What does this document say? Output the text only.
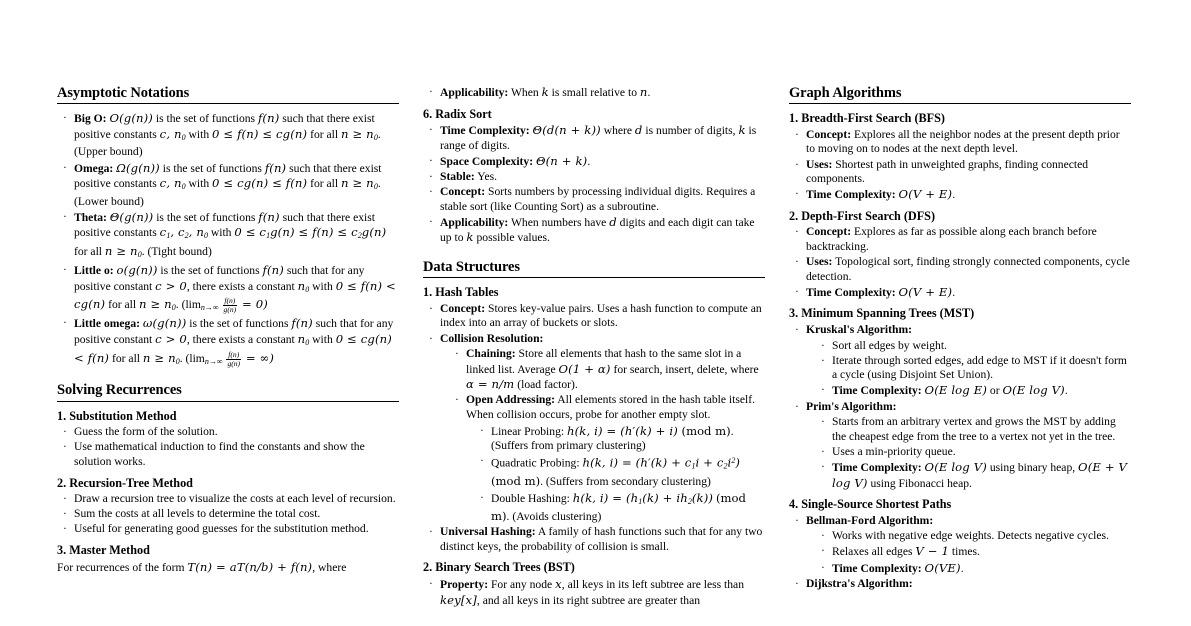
Asymptotic Notations
· Big O: O(g(n)) is the set of functions f(n) such that there exist positive constants c, $n_0$ with 0 ≤ f(n) ≤ cg(n) for all $n \ge n_0$. (Upper bound)
· Omega: Ω(g(n)) is the set of functions f(n) such that there exist positive constants c, $n_0$ with 0 ≤ cg(n) ≤ f(n) for all $n \ge n_0$. (Lower bound)
· Theta: Θ(g(n)) is the set of functions f(n) such that there exist positive constants $c_1$, $c_2$, $n_0$ with $0 \le c_1g(n) \le f(n) \le c_2g(n)$ for all $n \ge n_0$. (Tight bound)
· Little o: o(g(n)) is the set of functions f(n) such that for any positive constant c > 0, there exists a constant $n_0$ with 0 ≤ f(n) < cg(n) for all $n \ge n_0$. $(\lim_{n\to\infty} \frac{f(n)}{g(n)} = 0)$
· Little omega: ω(g(n)) is the set of functions f(n) such that for any positive constant c > 0, there exists a constant $n_0$ with 0 ≤ cg(n) < f(n) for all $n \ge n_0$. ($\lim_{n\to\infty} \frac{f(n)}{g(n)}$ = ∞)
Solving Recurrences
1. Substitution Method
· Guess the form of the solution.
· Use mathematical induction to find the constants and show the solution works.
2. Recursion-Tree Method
· Draw a recursion tree to visualize the costs at each level of recursion.
· Sum the costs at all levels to determine the total cost.
· Useful for generating good guesses for the substitution method.
3. Master Method
For recurrences of the form T(n) = aT(n/b) + f(n), where
· Applicability: When k is small relative to n.
6. Radix Sort
· Time Complexity: Θ(d(n + k)) where d is number of digits, k is range of digits.
· Space Complexity: Θ(n + k).
· Stable: Yes.
· Concept: Sorts numbers by processing individual digits. Requires a stable sort (like Counting Sort) as a subroutine.
· Applicability: When numbers have d digits and each digit can take up to k possible values.
Data Structures
1. Hash Tables
· Concept: Stores key-value pairs. Uses a hash function to compute an index into an array of buckets or slots.
· Collision Resolution:
· Chaining: Store all elements that hash to the same slot in a linked list. Average O(1 + α) for search, insert, delete, where α = n/m (load factor).
· Open Addressing: All elements stored in the hash table itself. When collision occurs, probe for another empty slot.
· Linear Probing: h(k, i) = (h′(k) + i) (mod m). (Suffers from primary clustering)
· Quadratic Probing: h(k, $i) = (h'(k) + c_1i + c_2i^2)$ (mod m). (Suffers from secondary clustering)
· Double Hashing: h(k, $i) = (h_1(k) + ih_2(k))$ (mod m). (Avoids clustering)
· Universal Hashing: A family of hash functions such that for any two distinct keys, the probability of collision is small.
2. Binary Search Trees (BST)
· Property: For any node x, all keys in its left subtree are less than key[x], and all keys in its right subtree are greater than
Graph Algorithms
1. Breadth-First Search (BFS)
· Concept: Explores all the neighbor nodes at the present depth prior to moving on to nodes at the next depth level.
· Uses: Shortest path in unweighted graphs, finding connected components.
· Time Complexity: O(V + E).
2. Depth-First Search (DFS)
· Concept: Explores as far as possible along each branch before backtracking.
· Uses: Topological sort, finding strongly connected components, cycle detection.
· Time Complexity: O(V + E).
3. Minimum Spanning Trees (MST)
· Kruskal's Algorithm:
· Sort all edges by weight.
· Iterate through sorted edges, add edge to MST if it doesn't form a cycle (using Disjoint Set Union).
· Time Complexity: O(E log E) or O(E log V).
· Prim's Algorithm:
· Starts from an arbitrary vertex and grows the MST by adding the cheapest edge from the tree to a vertex not yet in the tree.
· Uses a min-priority queue.
· Time Complexity: O(E log V) using binary heap, O(E + V log V) using Fibonacci heap.
4. Single-Source Shortest Paths
· Bellman-Ford Algorithm:
· Works with negative edge weights. Detects negative cycles.
· Relaxes all edges V − 1 times.
· Time Complexity: O(VE).
· Dijkstra's Algorithm:
